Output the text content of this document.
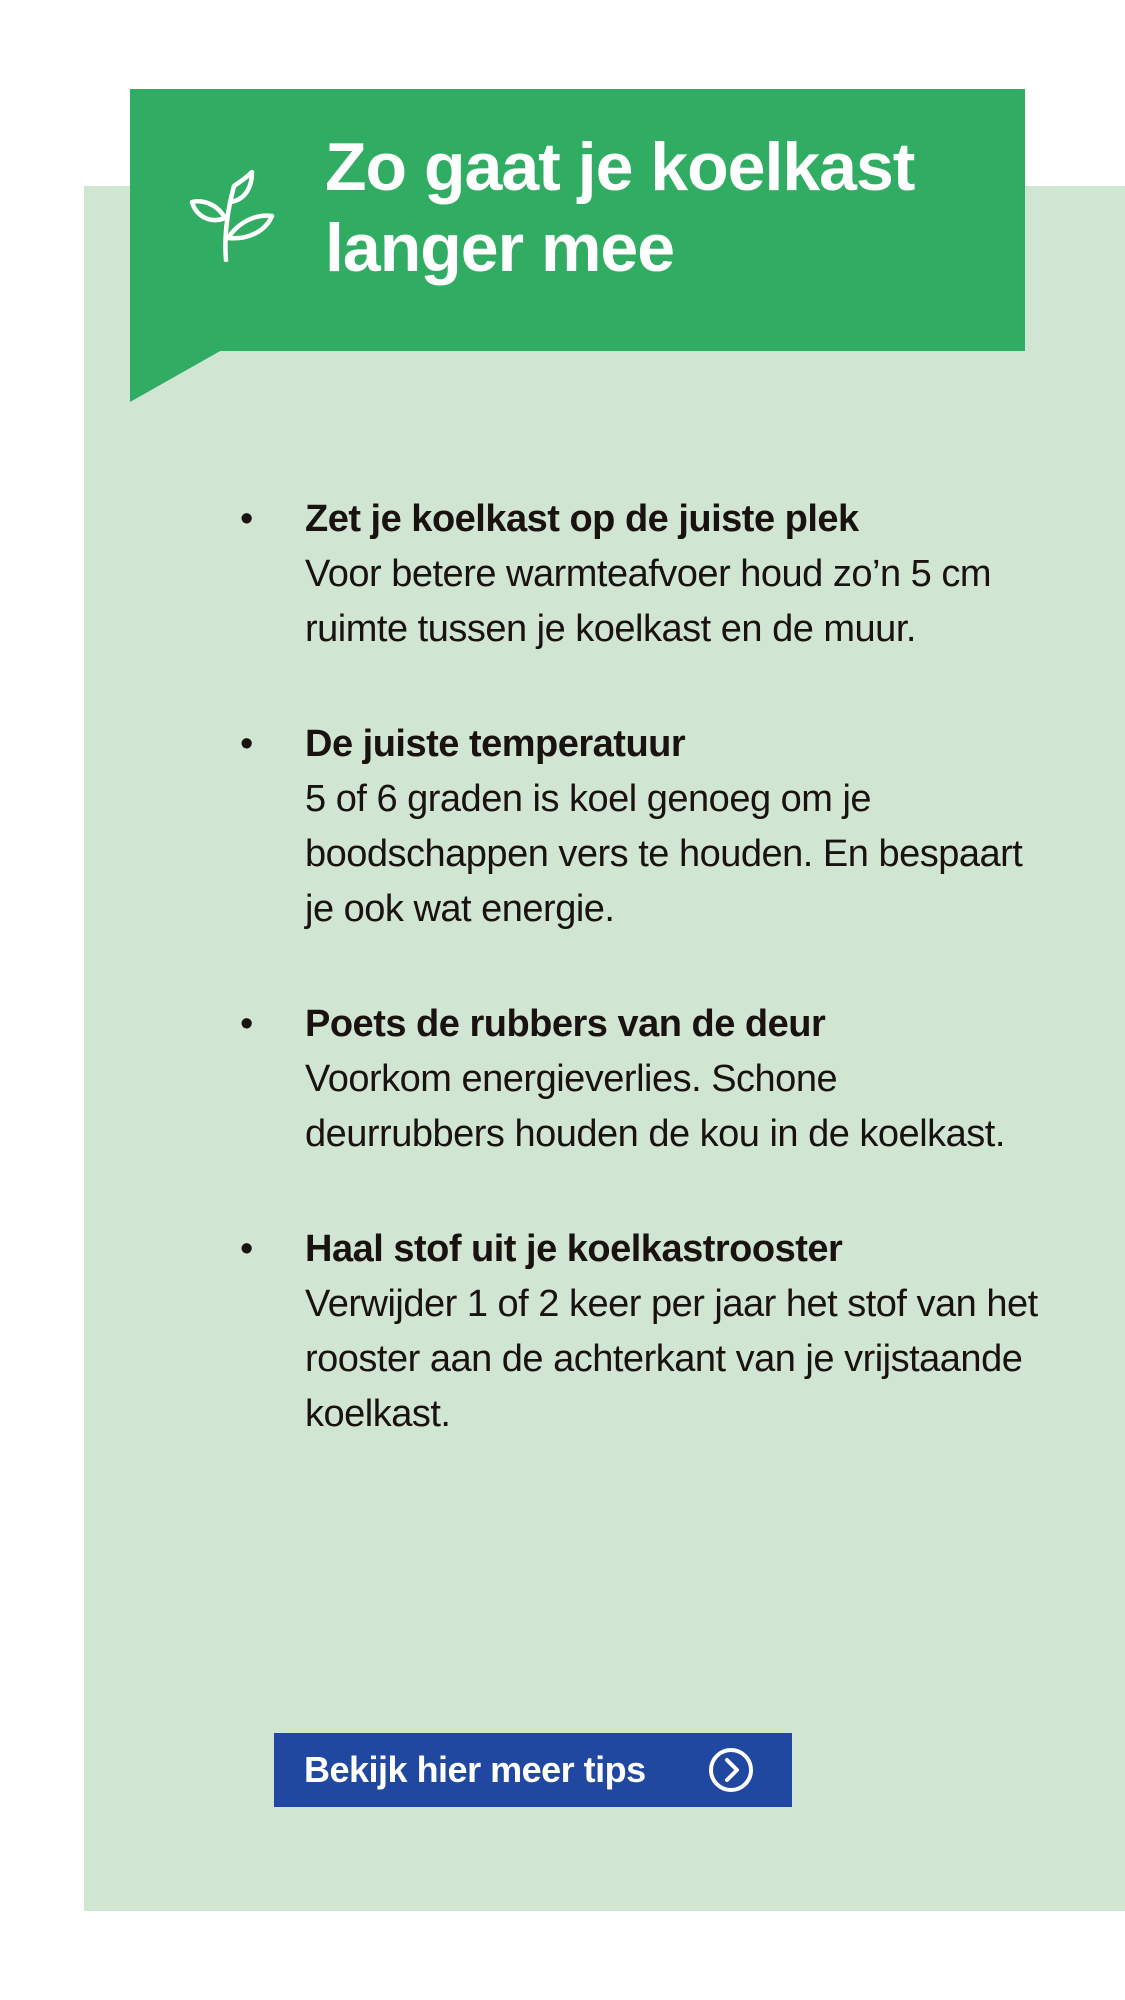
Zo gaat je koelkast langer mee
• Zet je koelkast op de juiste plek
Voor betere warmteafvoer houd zo’n 5 cm ruimte tussen je koelkast en de muur.
• De juiste temperatuur
5 of 6 graden is koel genoeg om je boodschappen vers te houden. En bespaart je ook wat energie.
• Poets de rubbers van de deur
Voorkom energieverlies. Schone deurrubbers houden de kou in de koelkast.
• Haal stof uit je koelkastrooster
Verwijder 1 of 2 keer per jaar het stof van het rooster aan de achterkant van je vrijstaande koelkast.
Bekijk hier meer tips
